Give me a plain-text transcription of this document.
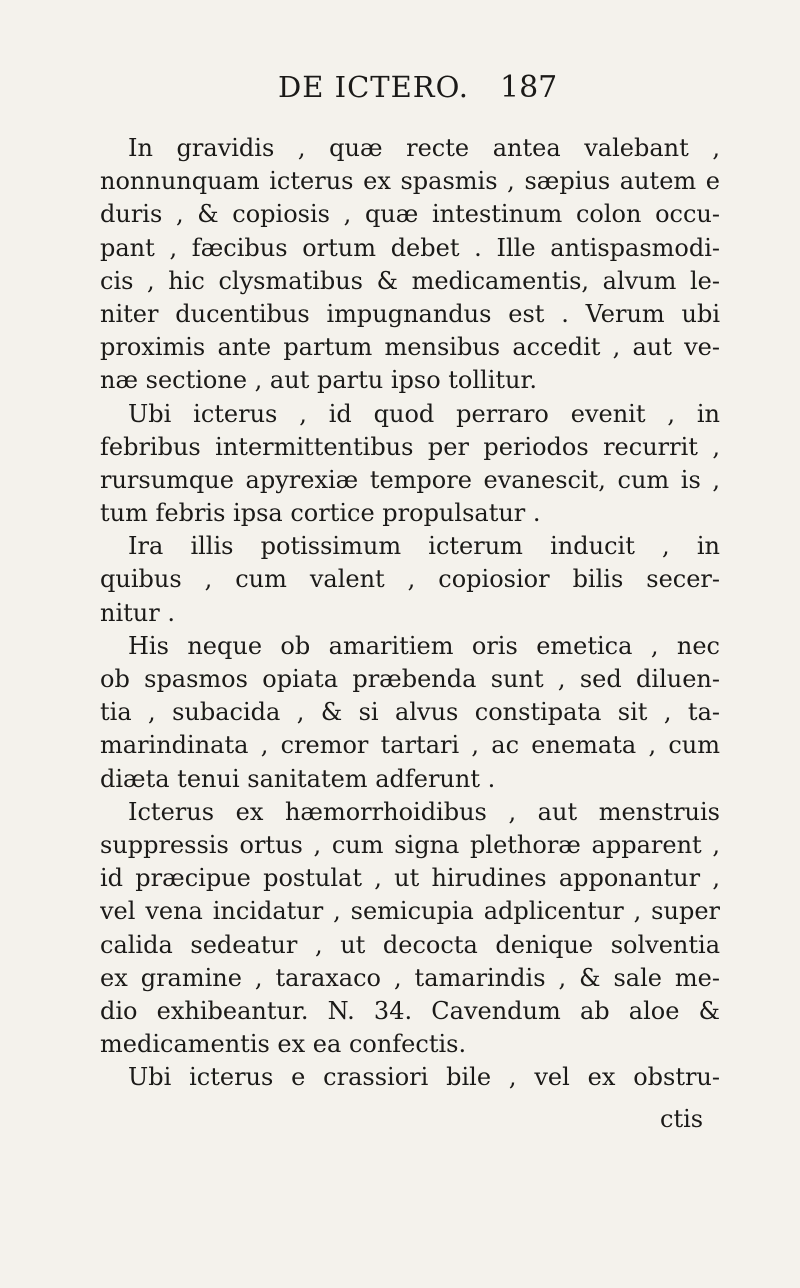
DE ICTERO. 187
In gravidis , quæ recte antea valebant ,
nonnunquam icterus ex spasmis , sæpius autem e
duris , & copiosis , quæ intestinum colon occu-
pant , fæcibus ortum debet . Ille antispasmodi-
cis , hic clysmatibus & medicamentis, alvum le-
niter ducentibus impugnandus est . Verum ubi
proximis ante partum mensibus accedit , aut ve-
næ sectione , aut partu ipso tollitur.
Ubi icterus , id quod perraro evenit , in
febribus intermittentibus per periodos recurrit ,
rursumque apyrexiæ tempore evanescit, cum is ,
tum febris ipsa cortice propulsatur .
Ira illis potissimum icterum inducit , in
quibus , cum valent , copiosior bilis secer-
nitur .
His neque ob amaritiem oris emetica , nec
ob spasmos opiata præbenda sunt , sed diluen-
tia , subacida , & si alvus constipata sit , ta-
marindinata , cremor tartari , ac enemata , cum
diæta tenui sanitatem adferunt .
Icterus ex hæmorrhoidibus , aut menstruis
suppressis ortus , cum signa plethoræ apparent ,
id præcipue postulat , ut hirudines apponantur ,
vel vena incidatur , semicupia adplicentur , super
calida sedeatur , ut decocta denique solventia
ex gramine , taraxaco , tamarindis , & sale me-
dio exhibeantur. N. 34. Cavendum ab aloe &
medicamentis ex ea confectis.
Ubi icterus e crassiori bile , vel ex obstru-
ctis
